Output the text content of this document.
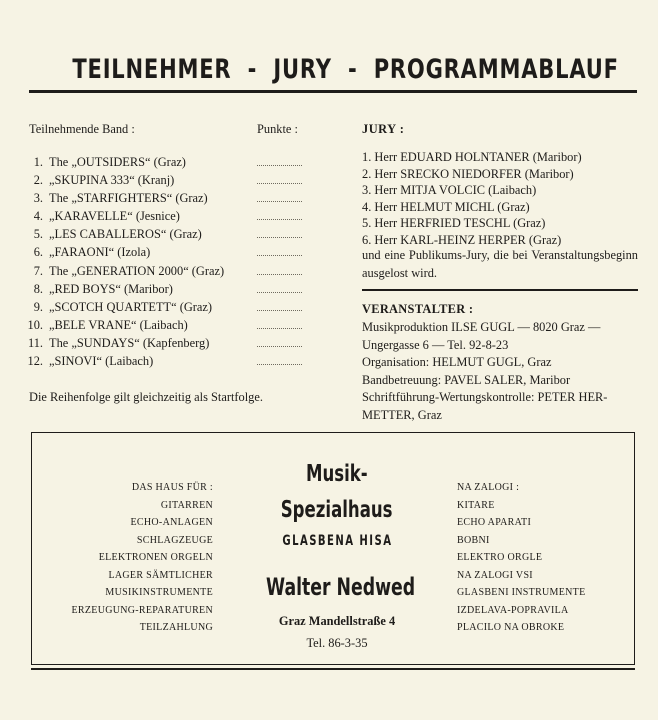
TEILNEHMER  -  JURY  -  PROGRAMMABLAUF
Teilnehmende Band :	Punkte :
1. The „OUTSIDERS“ (Graz)
2. „SKUPINA 333“ (Kranj)
3. The „STARFIGHTERS“ (Graz)
4. „KARAVELLE“ (Jesnice)
5. „LES CABALLEROS“ (Graz)
6. „FARAONI“ (Izola)
7. The „GENERATION 2000“ (Graz)
8. „RED BOYS“ (Maribor)
9. „SCOTCH QUARTETT“ (Graz)
10. „BELE VRANE“ (Laibach)
11. The „SUNDAYS“ (Kapfenberg)
12. „SINOVI“ (Laibach)
Die Reihenfolge gilt gleichzeitig als Startfolge.
JURY :
1. Herr EDUARD HOLNTANER (Maribor)
2. Herr SRECKO NIEDORFER (Maribor)
3. Herr MITJA VOLCIC (Laibach)
4. Herr HELMUT MICHL (Graz)
5. Herr HERFRIED TESCHL (Graz)
6. Herr KARL-HEINZ HERPER (Graz)
und eine Publikums-Jury, die bei Veranstaltungsbeginn ausgelost wird.
VERANSTALTER :
Musikproduktion ILSE GUGL — 8020 Graz —
Ungergasse 6 — Tel. 92-8-23
Organisation: HELMUT GUGL, Graz
Bandbetreuung: PAVEL SALER, Maribor
Schriftführung-Wertungskontrolle: PETER HER-
METTER, Graz
DAS HAUS FÜR :
GITARREN
ECHO-ANLAGEN
SCHLAGZEUGE
ELEKTRONEN ORGELN
LAGER SÄMTLICHER
MUSIKINSTRUMENTE
ERZEUGUNG-REPARATUREN
TEILZAHLUNG
Musik-
Spezialhaus
GLASBENA HISA
Walter Nedwed
Graz Mandellstraße 4
Tel. 86-3-35
NA ZALOGI :
KITARE
ECHO APARATI
BOBNI
ELEKTRO ORGLE
NA ZALOGI VSI
GLASBENI INSTRUMENTE
IZDELAVA-POPRAVILA
PLACILO NA OBROKE
